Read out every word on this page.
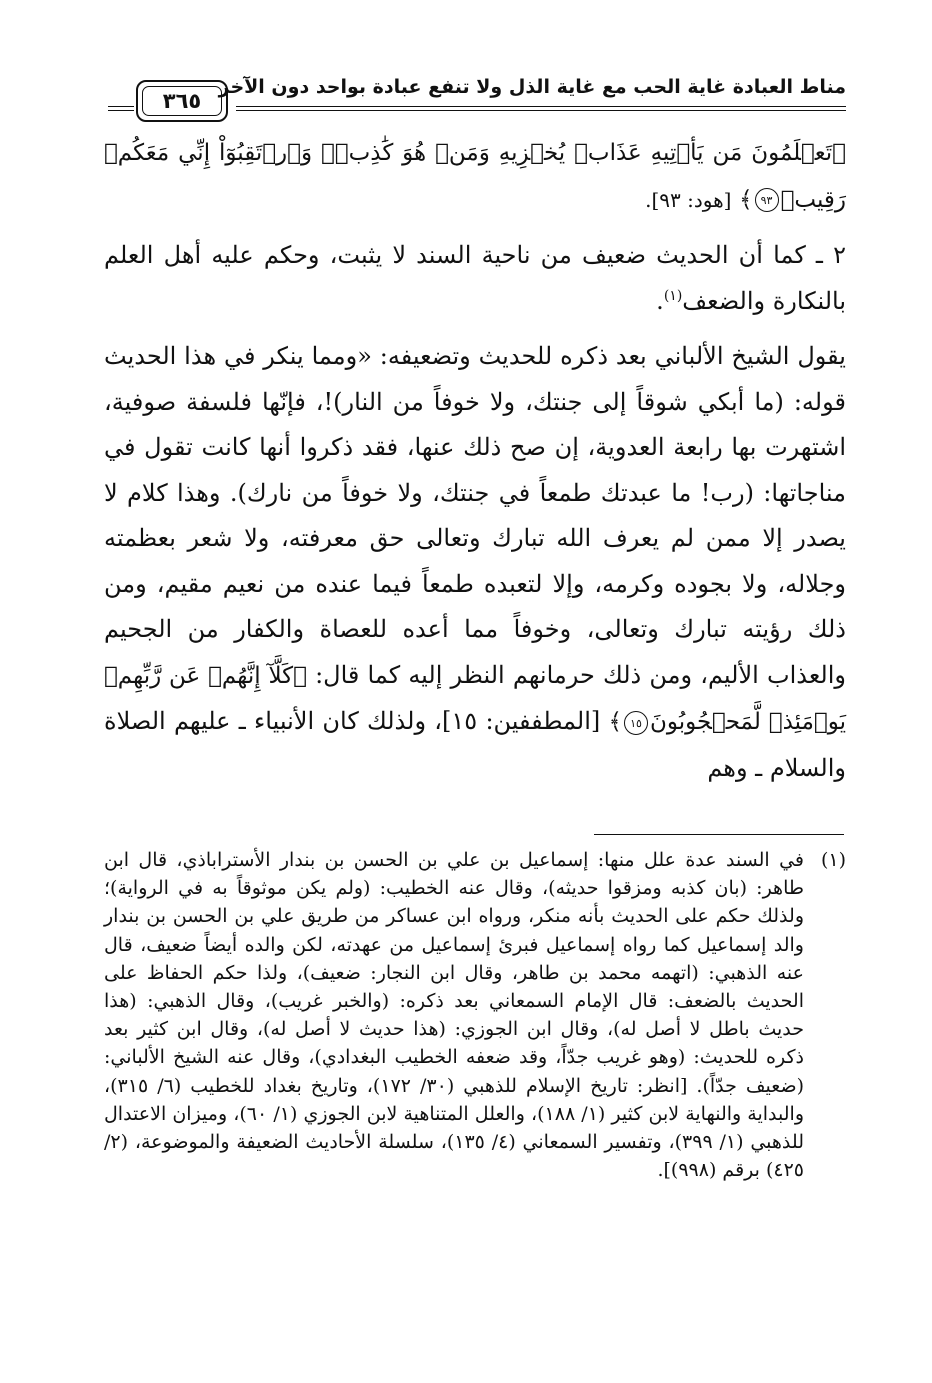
مناط العبادة غاية الحب مع غاية الذل ولا تنفع عبادة بواحد دون الآخر
٣٦٥

﴿تَعۡلَمُونَ مَن يَأۡتِيهِ عَذَابٞ يُخۡزِيهِ وَمَنۡ هُوَ كَٰذِبٞۖ وَٱرۡتَقِبُوٓاْ إِنِّي مَعَكُمۡ رَقِيبٞ٩٣﴾ [هود: ٩٣].

٢ ـ كما أن الحديث ضعيف من ناحية السند لا يثبت، وحكم عليه أهل العلم بالنكارة والضعف$^{(١)}$.

يقول الشيخ الألباني بعد ذكره للحديث وتضعيفه: «ومما ينكر في هذا الحديث قوله: (ما أبكي شوقاً إلى جنتك، ولا خوفاً من النار)!، فإنّها فلسفة صوفية، اشتهرت بها رابعة العدوية، إن صح ذلك عنها، فقد ذكروا أنها كانت تقول في مناجاتها: (رب! ما عبدتك طمعاً في جنتك، ولا خوفاً من نارك). وهذا كلام لا يصدر إلا ممن لم يعرف الله تبارك وتعالى حق معرفته، ولا شعر بعظمته وجلاله، ولا بجوده وكرمه، وإلا لتعبده طمعاً فيما عنده من نعيم مقيم، ومن ذلك رؤيته تبارك وتعالى، وخوفاً مما أعده للعصاة والكفار من الجحيم والعذاب الأليم، ومن ذلك حرمانهم النظر إليه كما قال: ﴿كَلَّآ إِنَّهُمۡ عَن رَّبِّهِمۡ يَوۡمَئِذٖ لَّمَحۡجُوبُونَ١٥﴾ [المطففين: ١٥]، ولذلك كان الأنبياء ـ عليهم الصلاة والسلام ـ وهم

(١)

في السند عدة علل منها: إسماعيل بن علي بن الحسن بن بندار الأستراباذي، قال ابن طاهر: (بان كذبه ومزقوا حديثه)، وقال عنه الخطيب: (ولم يكن موثوقاً به في الرواية)؛ ولذلك حكم على الحديث بأنه منكر، ورواه ابن عساكر من طريق علي بن الحسن بن بندار والد إسماعيل كما رواه إسماعيل فبرئ إسماعيل من عهدته، لكن والده أيضاً ضعيف، قال عنه الذهبي: (اتهمه محمد بن طاهر، وقال ابن النجار: ضعيف)، ولذا حكم الحفاظ على الحديث بالضعف: قال الإمام السمعاني بعد ذكره: (والخبر غريب)، وقال الذهبي: (هذا حديث باطل لا أصل له)، وقال ابن الجوزي: (هذا حديث لا أصل له)، وقال ابن كثير بعد ذكره للحديث: (وهو غريب جدّاً، وقد ضعفه الخطيب البغدادي)، وقال عنه الشيخ الألباني: (ضعيف جدّاً). [انظر: تاريخ الإسلام للذهبي (٣٠/ ١٧٢)، وتاريخ بغداد للخطيب (٦/ ٣١٥)، والبداية والنهاية لابن كثير (١/ ١٨٨)، والعلل المتناهية لابن الجوزي (١/ ٦٠)، وميزان الاعتدال للذهبي (١/ ٣٩٩)، وتفسير السمعاني (٤/ ١٣٥)، سلسلة الأحاديث الضعيفة والموضوعة، (٢/ ٤٢٥) برقم (٩٩٨)].
